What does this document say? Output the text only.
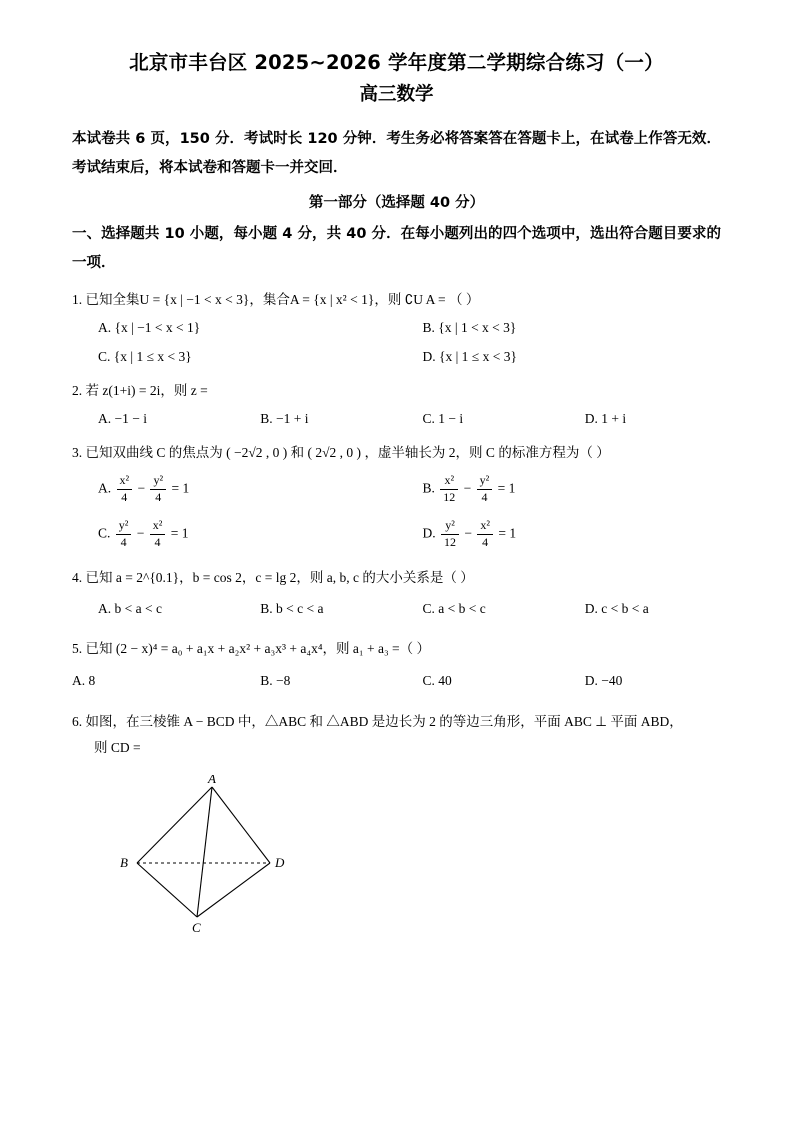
北京市丰台区 2025~2026 学年度第二学期综合练习（一）
高三数学
本试卷共 6 页，150 分．考试时长 120 分钟．考生务必将答案答在答题卡上，在试卷上作答无效．考试结束后，将本试卷和答题卡一并交回．
第一部分（选择题 40 分）
一、选择题共 10 小题，每小题 4 分，共 40 分．在每小题列出的四个选项中，选出符合题目要求的一项．
1. 已知全集U = {x | −1 < x < 3}，集合A = {x | x² < 1}，则 ∁U A = （ ）
A. {x | −1 < x < 1}	B. {x | 1 < x < 3}
C. {x | 1 ≤ x < 3}	D. {x | 1 ≤ x < 3}
2. 若 z(1+i) = 2i，则 z =
A. −1 − i	B. −1 + i	C. 1 − i	D. 1 + i
3. 已知双曲线 C 的焦点为 ( −2√2 , 0 ) 和 ( 2√2 , 0 ) ，虚半轴长为 2，则 C 的标准方程为（ ）
A. $\frac{\text{x²}}{4} - \frac{\text{y²}}{4} = 1$	B. $\frac{\text{x²}}{12} - \frac{\text{y²}}{4} = 1$
C. $\frac{\text{y²}}{4} - \frac{\text{x²}}{4} = 1$	D. $\frac{\text{y²}}{12} - \frac{\text{x²}}{4} = 1$
4. 已知 a = 2^{0.1}，b = cos 2，c = lg 2，则 a, b, c 的大小关系是（ ）
A. b < a < c	B. b < c < a	C. a < b < c	D. c < b < a
5. 已知 (2 − x)⁴ = a₀ + a₁x + a₂x² + a₃x³ + a₄x⁴，则 a₁ + a₃ =（ ）
A. 8	B. −8	C. 40	D. −40
6. 如图，在三棱锥 A − BCD 中，△ABC 和 △ABD 是边长为 2 的等边三角形，平面 ABC ⊥ 平面 ABD，
则 CD =
A
B	D
C
